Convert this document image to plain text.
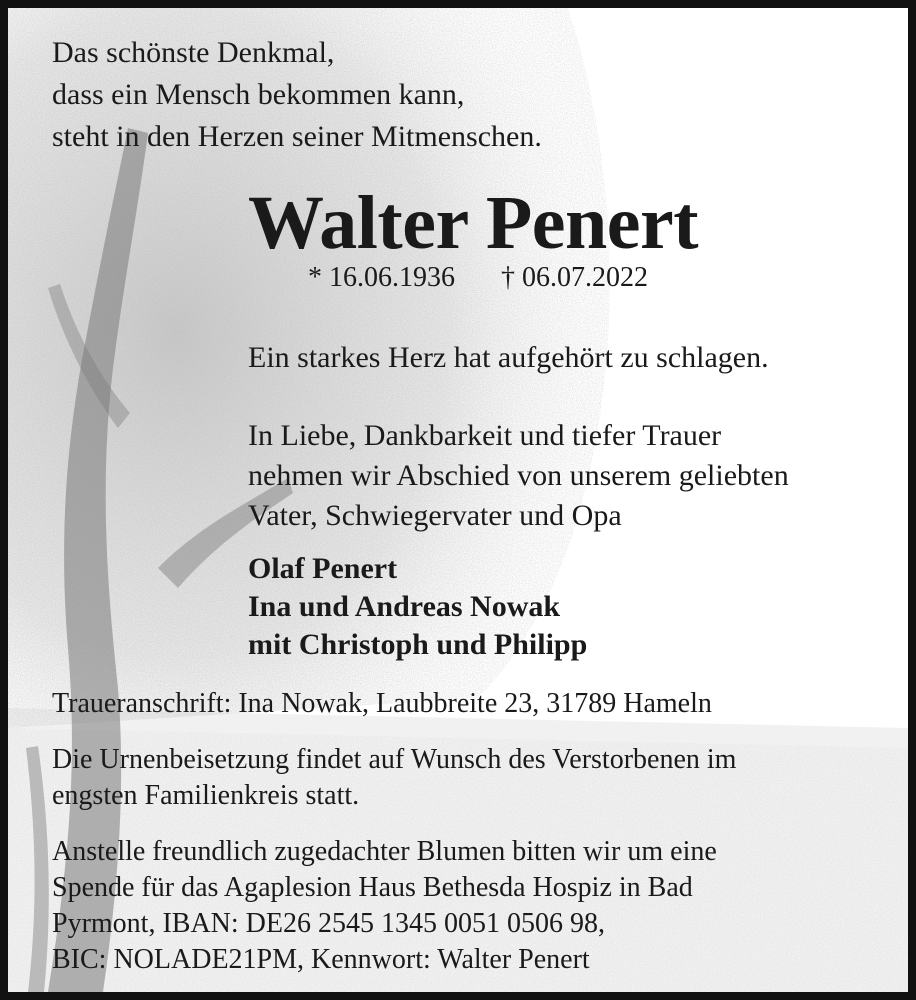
Das schönste Denkmal,
dass ein Mensch bekommen kann,
steht in den Herzen seiner Mitmenschen.
Walter Penert
* 16.06.1936 † 06.07.2022
Ein starkes Herz hat aufgehört zu schlagen.
In Liebe, Dankbarkeit und tiefer Trauer
nehmen wir Abschied von unserem geliebten
Vater, Schwiegervater und Opa
Olaf Penert
Ina und Andreas Nowak
mit Christoph und Philipp
Traueranschrift: Ina Nowak, Laubbreite 23, 31789 Hameln
Die Urnenbeisetzung findet auf Wunsch des Verstorbenen im
engsten Familienkreis statt.
Anstelle freundlich zugedachter Blumen bitten wir um eine
Spende für das Agaplesion Haus Bethesda Hospiz in Bad
Pyrmont, IBAN: DE26 2545 1345 0051 0506 98,
BIC: NOLADE21PM, Kennwort: Walter Penert
